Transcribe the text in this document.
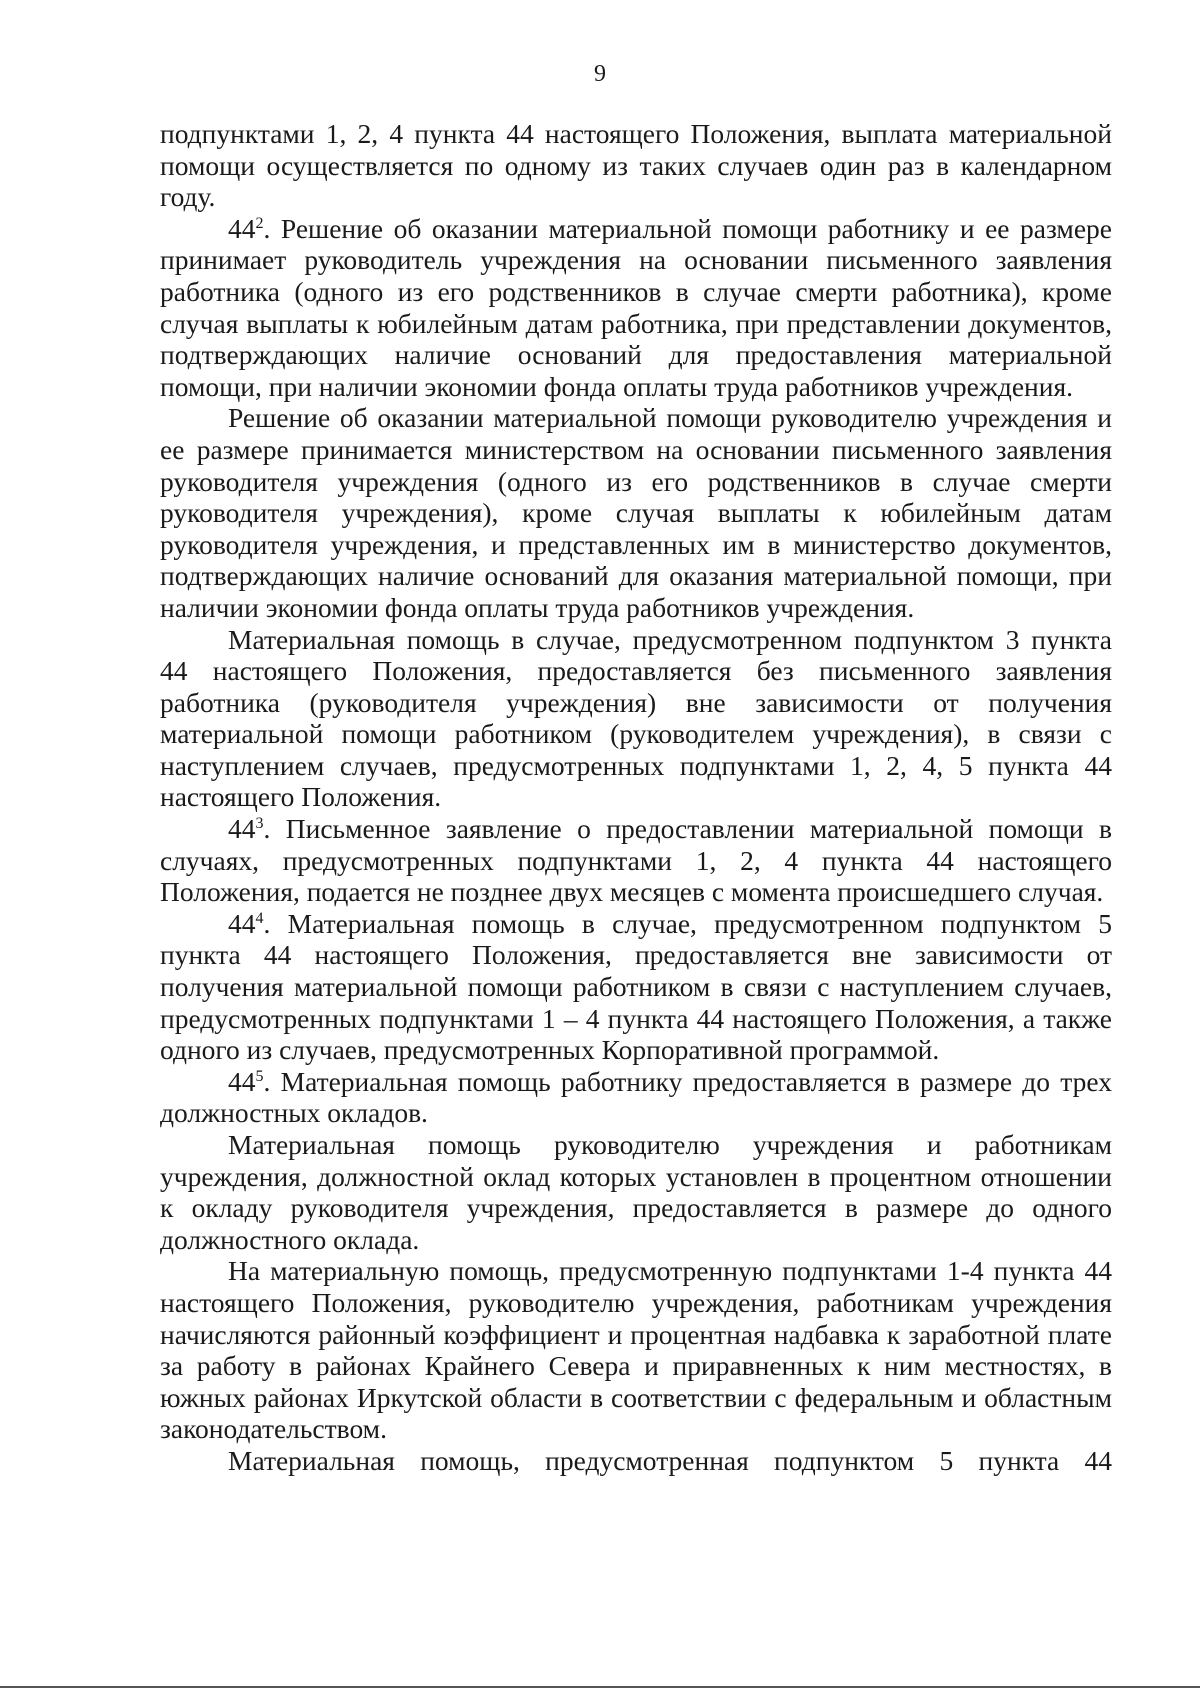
9

подпунктами 1, 2, 4 пункта 44 настоящего Положения, выплата материальной помощи осуществляется по одному из таких случаев один раз в календарном году.

$44^2$. Решение об оказании материальной помощи работнику и ее размере принимает руководитель учреждения на основании письменного заявления работника (одного из его родственников в случае смерти работника), кроме случая выплаты к юбилейным датам работника, при представлении документов, подтверждающих наличие оснований для предоставления материальной помощи, при наличии экономии фонда оплаты труда работников учреждения.

Решение об оказании материальной помощи руководителю учреждения и ее размере принимается министерством на основании письменного заявления руководителя учреждения (одного из его родственников в случае смерти руководителя учреждения), кроме случая выплаты к юбилейным датам руководителя учреждения, и представленных им в министерство документов, подтверждающих наличие оснований для оказания материальной помощи, при наличии экономии фонда оплаты труда работников учреждения.

Материальная помощь в случае, предусмотренном подпунктом 3 пункта 44 настоящего Положения, предоставляется без письменного заявления работника (руководителя учреждения) вне зависимости от получения материальной помощи работником (руководителем учреждения), в связи с наступлением случаев, предусмотренных подпунктами 1, 2, 4, 5 пункта 44 настоящего Положения.

$44^3$. Письменное заявление о предоставлении материальной помощи в случаях, предусмотренных подпунктами 1, 2, 4 пункта 44 настоящего Положения, подается не позднее двух месяцев с момента происшедшего случая.

$44^4$. Материальная помощь в случае, предусмотренном подпунктом 5 пункта 44 настоящего Положения, предоставляется вне зависимости от получения материальной помощи работником в связи с наступлением случаев, предусмотренных подпунктами 1 – 4 пункта 44 настоящего Положения, а также одного из случаев, предусмотренных Корпоративной программой.

$44^5$. Материальная помощь работнику предоставляется в размере до трех должностных окладов.

Материальная помощь руководителю учреждения и работникам учреждения, должностной оклад которых установлен в процентном отношении к окладу руководителя учреждения, предоставляется в размере до одного должностного оклада.

На материальную помощь, предусмотренную подпунктами 1-4 пункта 44 настоящего Положения, руководителю учреждения, работникам учреждения начисляются районный коэффициент и процентная надбавка к заработной плате за работу в районах Крайнего Севера и приравненных к ним местностях, в южных районах Иркутской области в соответствии с федеральным и областным законодательством.

Материальная помощь, предусмотренная подпунктом 5 пункта 44
